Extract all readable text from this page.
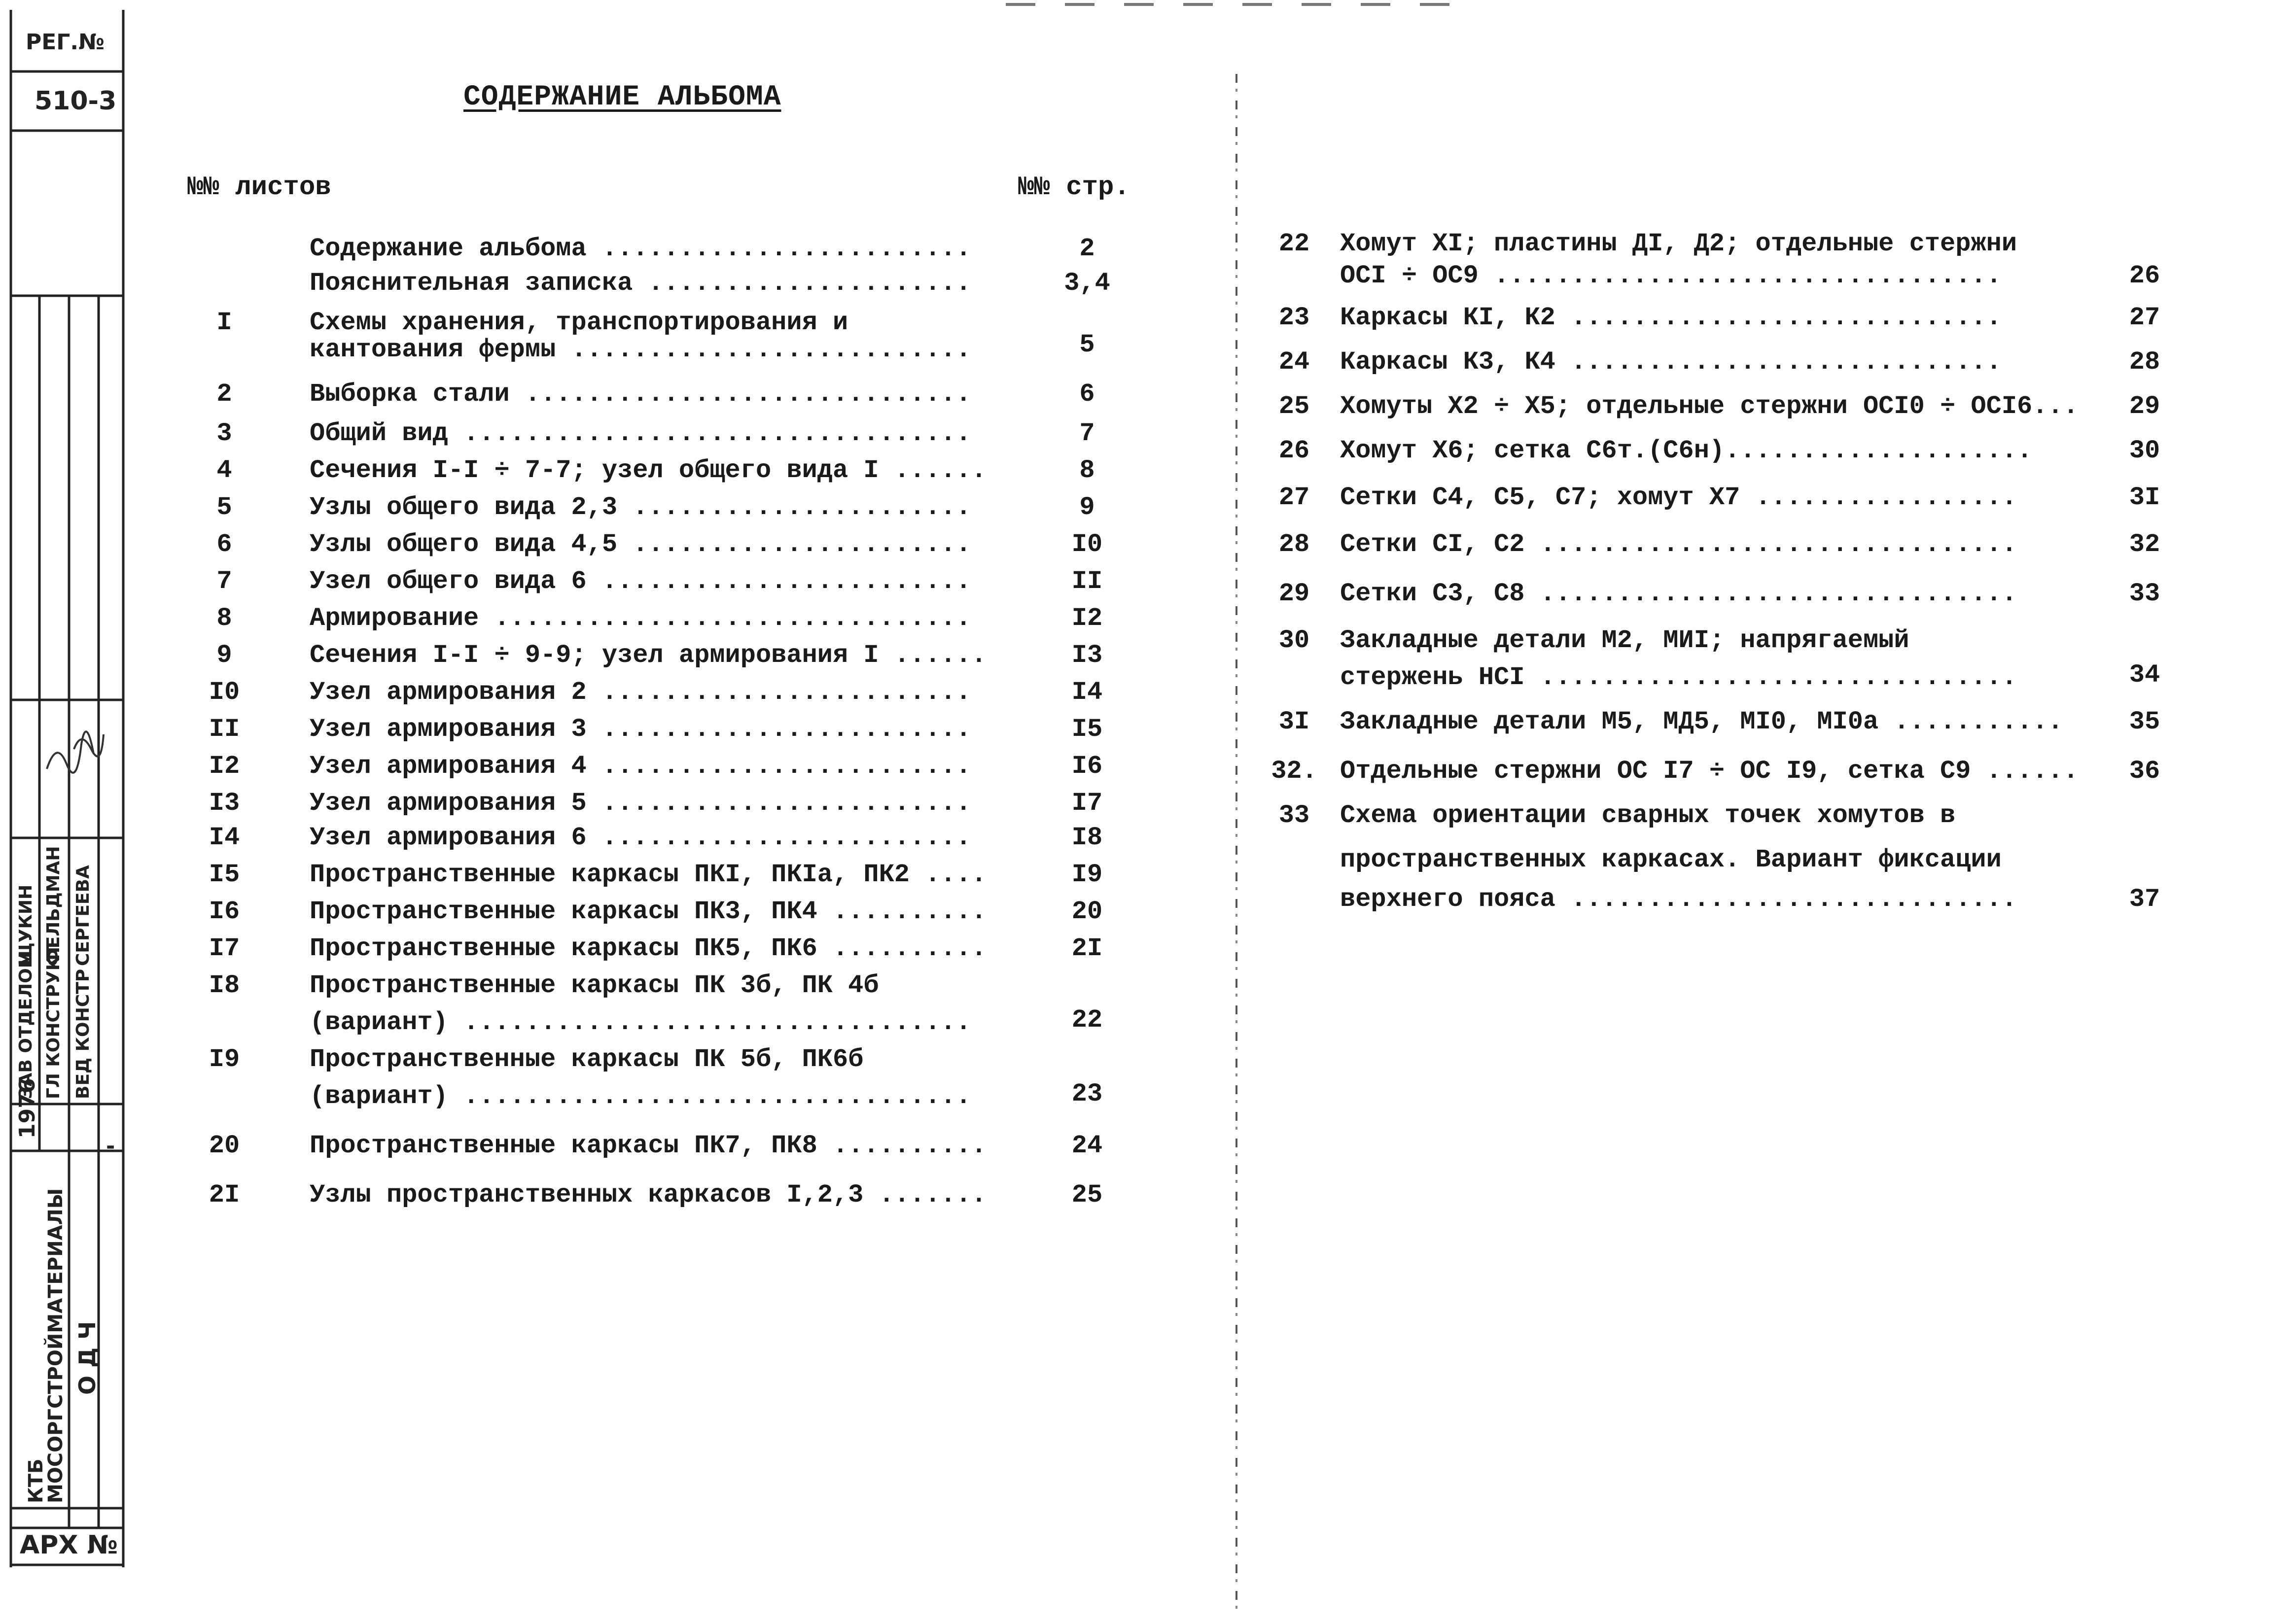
РЕГ.№
510-3
1976
ЗАВ ОТДЕЛОМ ГЛ КОНСТРУКТ ВЕД КОНСТР
ЩУКИН ФЕЛЬДМАН СЕРГЕЕВА
-
КТБ
МОСОРГСТРОЙМАТЕРИАЛЫ О Д Ч
АРХ №
СОДЕРЖАНИЕ АЛЬБОМА
№№ листов	№№ стр.
Содержание альбома ........................	2
Пояснительная записка .....................	3,4
I	Схемы хранения, транспортирования и
кантования фермы ..........................	5
2	Выборка стали .............................	6
3	Общий вид .................................	7
4	Сечения I-I ÷ 7-7; узел общего вида I ......	8
5	Узлы общего вида 2,3 ......................	9
6	Узлы общего вида 4,5 ......................	I0
7	Узел общего вида 6 ........................	II
8	Армирование ...............................	I2
9	Сечения I-I ÷ 9-9; узел армирования I ......	I3
I0	Узел армирования 2 ........................	I4
II	Узел армирования 3 ........................	I5
I2	Узел армирования 4 ........................	I6
I3	Узел армирования 5 ........................	I7
I4	Узел армирования 6 ........................	I8
I5	Пространственные каркасы ПКI, ПКIа, ПК2 ....	I9
I6	Пространственные каркасы ПК3, ПК4 ..........	20
I7	Пространственные каркасы ПК5, ПК6 ..........	2I
I8	Пространственные каркасы ПК 3б, ПК 4б
(вариант) .................................	22
I9	Пространственные каркасы ПК 5б, ПК6б
(вариант) .................................	23
20	Пространственные каркасы ПК7, ПК8 ..........	24
2I	Узлы пространственных каркасов I,2,3 .......	25
22	Хомут XI; пластины ДI, Д2; отдельные стержни
OCI ÷ OC9 .................................	26
23	Каркасы КI, К2 ............................	27
24	Каркасы К3, К4 ............................	28
25	Хомуты X2 ÷ X5; отдельные стержни OCI0 ÷ OCI6...	29
26	Хомут X6; сетка С6т.(С6н)....................	30
27	Сетки С4, С5, С7; хомут X7 .................	3I
28	Сетки СI, С2 ...............................	32
29	Сетки С3, С8 ...............................	33
30	Закладные детали М2, МИI; напрягаемый
стержень НСI ...............................	34
3I	Закладные детали М5, МД5, МI0, МI0а ...........	35
32. Отдельные стержни ОС I7 ÷ ОС I9, сетка С9 ......	36
33	Схема ориентации сварных точек хомутов в
пространственных каркасах. Вариант фиксации
верхнего пояса .............................	37
